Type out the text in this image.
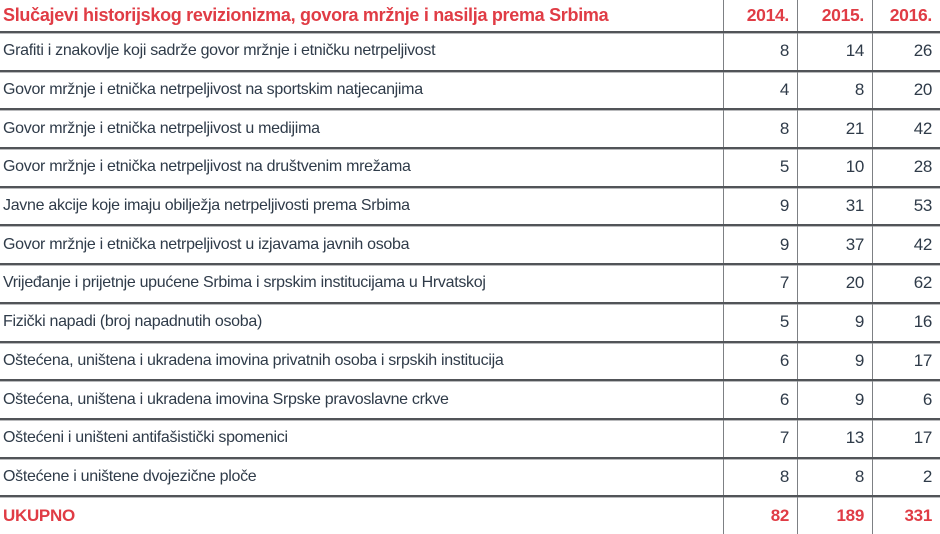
Slučajevi historijskog revizionizma, govora mržnje i nasilja prema Srbima	2014.	2015.	2016.
Grafiti i znakovlje koji sadrže govor mržnje i etničku netrpeljivost	8	14	26
Govor mržnje i etnička netrpeljivost na sportskim natjecanjima	4	8	20
Govor mržnje i etnička netrpeljivost u medijima	8	21	42
Govor mržnje i etnička netrpeljivost na društvenim mrežama	5	10	28
Javne akcije koje imaju obilježja netrpeljivosti prema Srbima	9	31	53
Govor mržnje i etnička netrpeljivost u izjavama javnih osoba	9	37	42
Vrijeđanje i prijetnje upućene Srbima i srpskim institucijama u Hrvatskoj	7	20	62
Fizički napadi (broj napadnutih osoba)	5	9	16
Oštećena, uništena i ukradena imovina privatnih osoba i srpskih institucija	6	9	17
Oštećena, uništena i ukradena imovina Srpske pravoslavne crkve	6	9	6
Oštećeni i uništeni antifašistički spomenici	7	13	17
Oštećene i uništene dvojezične ploče	8	8	2
UKUPNO	82	189	331
